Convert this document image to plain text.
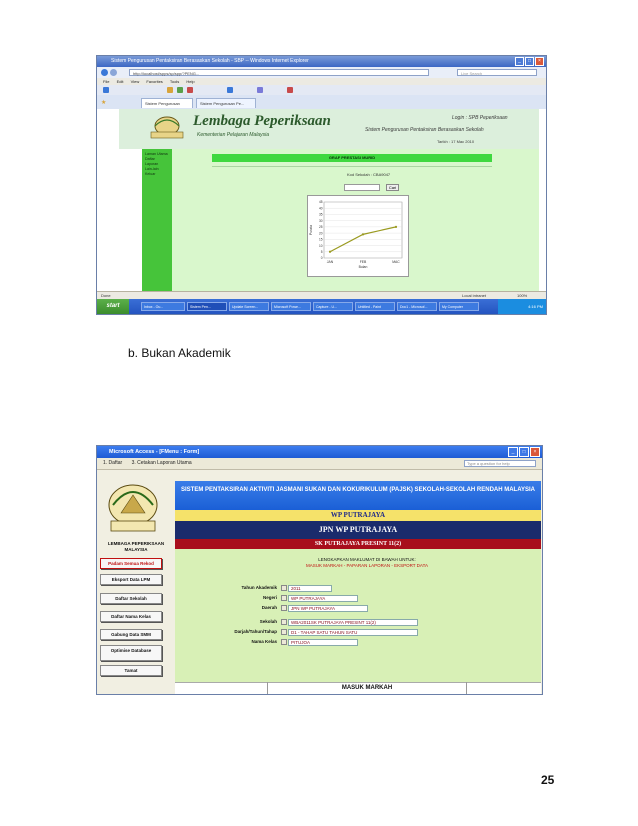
Sistem Pengurusan Pentaksiran Berasaskan Sekolah - SBP -- Windows Internet Explorer	_	□	×
http://localhost/spps/sp/spp/?PENG...	Live Search
File Edit View Favorites Tools Help
★	Sistem Pengurusan	Sistem Pengurusan Pe...
Lembaga Peperiksaan
Kementerian Pelajaran Malaysia
Login : SPB Peperiksaan
Sistem Pengurusan Pentaksiran Berasaskan Sekolah
Tarikh : 17 Mac 2010
Laman Utama
Daftar
Laporan
Lain-lain
Keluar
GRAF PRESTASI MURID
Kod Sekolah : CBA9047
Cari
0
5
10
15
20
25
30
35
40
45
JAN	FEB	MAC
Bulan
Purata
Done	Local intranet	100%
start	Inbox - Ou...	Sistem Pen...	Update Screen...	Microsoft Powe...	Capture - U...	Untitled - Paint	Doc1 - Microsof...	My Computer	4:16 PM
b. Bukan Akademik
Microsoft Access - [FMenu : Form]	_	□	×
1. Daftar 3. Cetakan Laporan Utama	Type a question for help
LEMBAGA PEPERIKSAAN MALAYSIA
Padam Semua Rekod
Eksport Data LPM
Daftar Sekolah
Daftar Nama Kelas
Gabung Data SMM
Optimise Database
Tamat
SISTEM PENTAKSIRAN AKTIVITI JASMANI SUKAN DAN KOKURIKULUM (PAJSK) SEKOLAH-SEKOLAH RENDAH MALAYSIA
WP PUTRAJAYA
JPN WP PUTRAJAYA
SK PUTRAJAYA PRESINT 11(2)
LENGKAPKAN MAKLUMAT DI BAWAH UNTUK:
MASUK MARKAH - PAPARAN LAPORAN - EKSPORT DATA
Tahun Akademik	2011
Negeri	WP PUTRAJAYA
Daerah	JPN WP PUTRAJAYA
Sekolah	WBA2011SK PUTRAJAYA PRESINT 11(2)
Darjah/Tahun/Tahap	D1 - TAHAP SATU TAHUN SATU
Nama Kelas	PITUJOA
MASUK MARKAH
25
